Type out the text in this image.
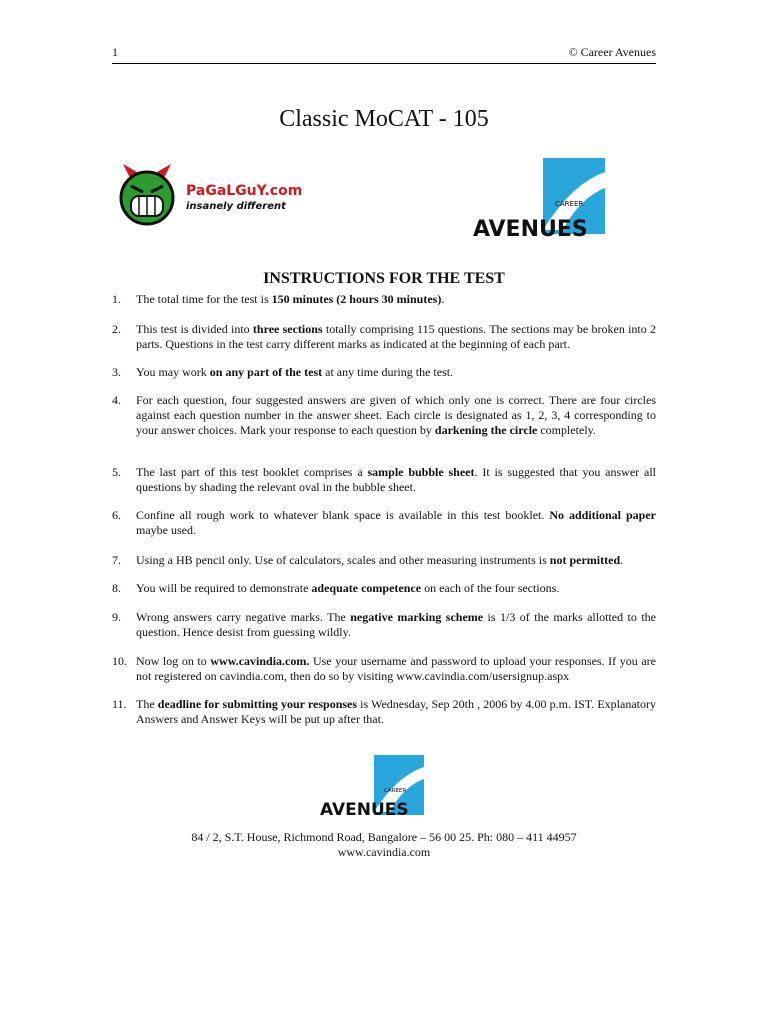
1	© Career Avenues
Classic MoCAT - 105
PaGaLGuY.com
insanely different	CAREER
AVENUES
INSTRUCTIONS FOR THE TEST
1.	The total time for the test is 150 minutes (2 hours 30 minutes).
2.	This test is divided into three sections totally comprising 115 questions. The sections may be broken into 2 parts. Questions in the test carry different marks as indicated at the beginning of each part.
3.	You may work on any part of the test at any time during the test.
4.	For each question, four suggested answers are given of which only one is correct. There are four circles against each question number in the answer sheet. Each circle is designated as 1, 2, 3, 4 corresponding to your answer choices. Mark your response to each question by darkening the circle completely.
5.	The last part of this test booklet comprises a sample bubble sheet. It is suggested that you answer all questions by shading the relevant oval in the bubble sheet.
6.	Confine all rough work to whatever blank space is available in this test booklet. No additional paper maybe used.
7.	Using a HB pencil only. Use of calculators, scales and other measuring instruments is not permitted.
8.	You will be required to demonstrate adequate competence on each of the four sections.
9.	Wrong answers carry negative marks. The negative marking scheme is 1/3 of the marks allotted to the question. Hence desist from guessing wildly.
10. Now log on to www.cavindia.com. Use your username and password to upload your responses. If you are not registered on cavindia.com, then do so by visiting www.cavindia.com/usersignup.aspx
11. The deadline for submitting your responses is Wednesday, Sep 20th , 2006 by 4.00 p.m. IST. Explanatory Answers and Answer Keys will be put up after that.
CAREER
AVENUES
84 / 2, S.T. House, Richmond Road, Bangalore – 56 00 25. Ph: 080 – 411 44957
www.cavindia.com
